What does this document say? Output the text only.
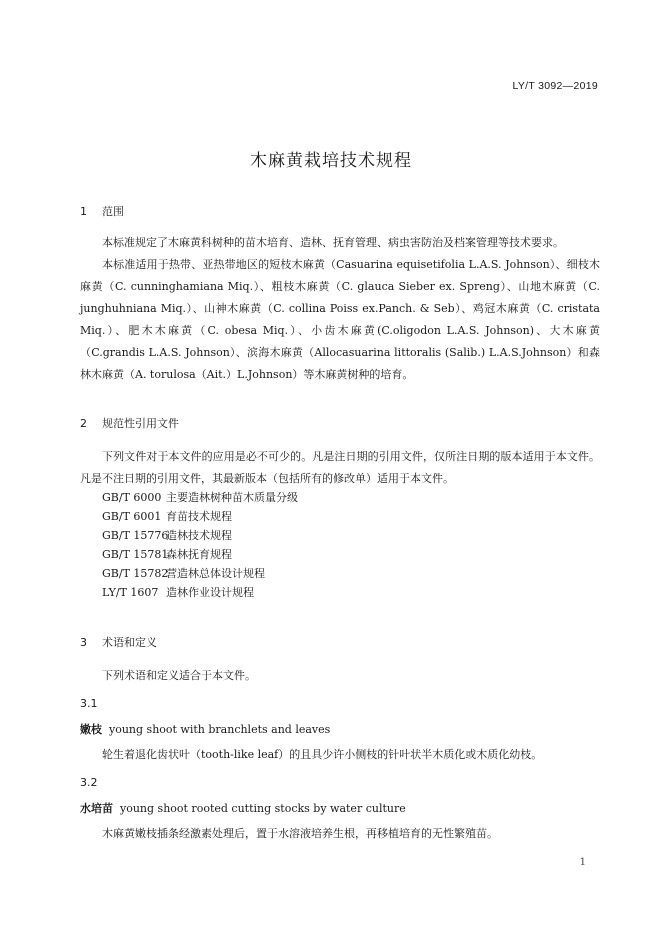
LY/T 3092—2019
木麻黄栽培技术规程
1 范围
本标准规定了木麻黄科树种的苗木培育、造林、抚育管理、病虫害防治及档案管理等技术要求。
本标准适用于热带、亚热带地区的短枝木麻黄（Casuarina equisetifolia L.A.S. Johnson）、细枝木麻黄（C. cunninghamiana Miq.）、粗枝木麻黄（C. glauca Sieber ex. Spreng）、山地木麻黄（C. junghuhniana Miq.）、山神木麻黄（C. collina Poiss ex.Panch. & Seb）、鸡冠木麻黄（C. cristata Miq.）、肥木木麻黄（C. obesa Miq.）、小齿木麻黄(C.oligodon L.A.S. Johnson)、大木麻黄（C.grandis L.A.S. Johnson）、滨海木麻黄（Allocasuarina littoralis (Salib.) L.A.S.Johnson）和森林木麻黄（A. torulosa（Ait.）L.Johnson）等木麻黄树种的培育。
2 规范性引用文件
下列文件对于本文件的应用是必不可少的。凡是注日期的引用文件，仅所注日期的版本适用于本文件。凡是不注日期的引用文件，其最新版本（包括所有的修改单）适用于本文件。
GB/T 6000 主要造林树种苗木质量分级
GB/T 6001 育苗技术规程
GB/T 15776造林技术规程
GB/T 15781森林抚育规程
GB/T 15782营造林总体设计规程
LY/T 1607 造林作业设计规程
3 术语和定义
下列术语和定义适合于本文件。
3.1
嫩枝 young shoot with branchlets and leaves
轮生着退化齿状叶（tooth-like leaf）的且具少许小侧枝的针叶状半木质化或木质化幼枝。
3.2
水培苗 young shoot rooted cutting stocks by water culture
木麻黄嫩枝插条经激素处理后，置于水溶液培养生根，再移植培育的无性繁殖苗。
1
